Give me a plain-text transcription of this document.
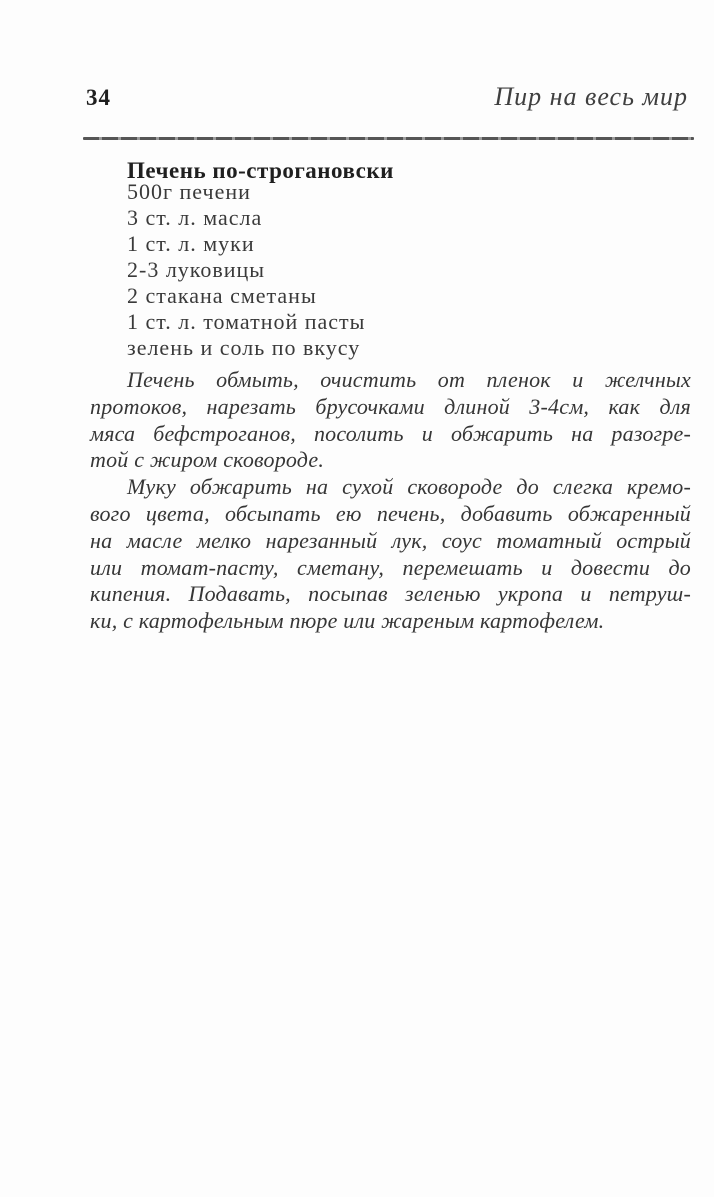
34	Пир на весь мир
Печень по-строгановски
500г печени
3 ст. л. масла
1 ст. л. муки
2-3 луковицы
2 стакана сметаны
1 ст. л. томатной пасты
зелень и соль по вкусу
Печень обмыть, очистить от пленок и желчных
протоков, нарезать брусочками длиной 3-4см, как для
мяса бефстроганов, посолить и обжарить на разогре-
той с жиром сковороде.
Муку обжарить на сухой сковороде до слегка кремо-
вого цвета, обсыпать ею печень, добавить обжаренный
на масле мелко нарезанный лук, соус томатный острый
или томат-пасту, сметану, перемешать и довести до
кипения. Подавать, посыпав зеленью укропа и петруш-
ки, с картофельным пюре или жареным картофелем.
